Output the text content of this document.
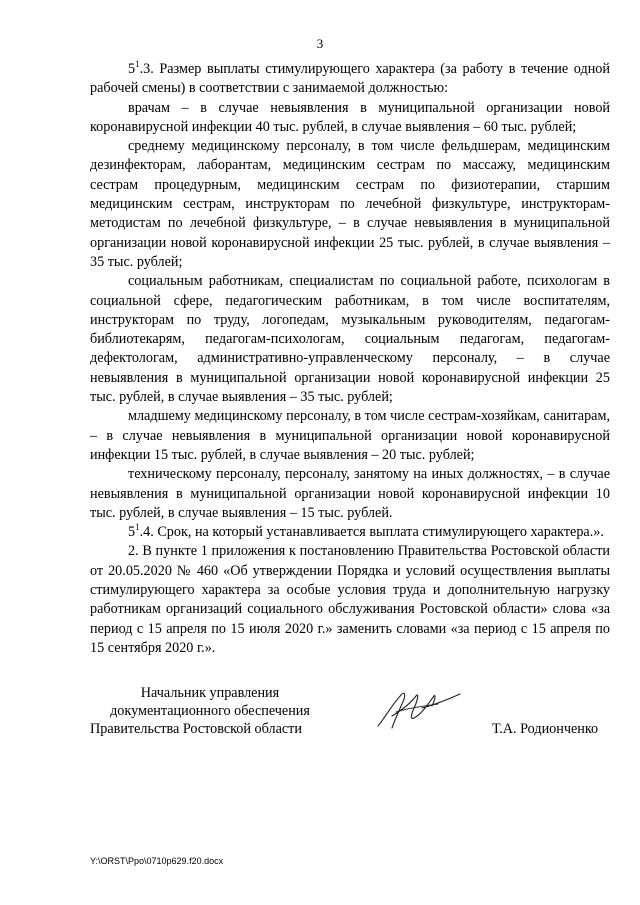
3

$5^1.3$. Размер выплаты стимулирующего характера (за работу в течение одной рабочей смены) в соответствии с занимаемой должностью:

врачам – в случае невыявления в муниципальной организации новой коронавирусной инфекции 40 тыс. рублей, в случае выявления – 60 тыс. рублей;

среднему медицинскому персоналу, в том числе фельдшерам, медицинским дезинфекторам, лаборантам, медицинским сестрам по массажу, медицинским сестрам процедурным, медицинским сестрам по физиотерапии, старшим медицинским сестрам, инструкторам по лечебной физкультуре, инструкторам-методистам по лечебной физкультуре, – в случае невыявления в муниципальной организации новой коронавирусной инфекции 25 тыс. рублей, в случае выявления – 35 тыс. рублей;

социальным работникам, специалистам по социальной работе, психологам в социальной сфере, педагогическим работникам, в том числе воспитателям, инструкторам по труду, логопедам, музыкальным руководителям, педагогам-библиотекарям, педагогам-психологам, социальным педагогам, педагогам-дефектологам, административно-управленческому персоналу, – в случае невыявления в муниципальной организации новой коронавирусной инфекции 25 тыс. рублей, в случае выявления – 35 тыс. рублей;

младшему медицинскому персоналу, в том числе сестрам-хозяйкам, санитарам, – в случае невыявления в муниципальной организации новой коронавирусной инфекции 15 тыс. рублей, в случае выявления – 20 тыс. рублей;

техническому персоналу, персоналу, занятому на иных должностях, – в случае невыявления в муниципальной организации новой коронавирусной инфекции 10 тыс. рублей, в случае выявления – 15 тыс. рублей.

$5^1.4$. Срок, на который устанавливается выплата стимулирующего характера.».

2. В пункте 1 приложения к постановлению Правительства Ростовской области от 20.05.2020 № 460 «Об утверждении Порядка и условий осуществления выплаты стимулирующего характера за особые условия труда и дополнительную нагрузку работникам организаций социального обслуживания Ростовской области» слова «за период с 15 апреля по 15 июля 2020 г.» заменить словами «за период с 15 апреля по 15 сентября 2020 г.».

Начальник управления
документационного обеспечения
Правительства Ростовской области	Т.А. Родионченко
Y:\ORST\Ppo\0710p629.f20.docx
